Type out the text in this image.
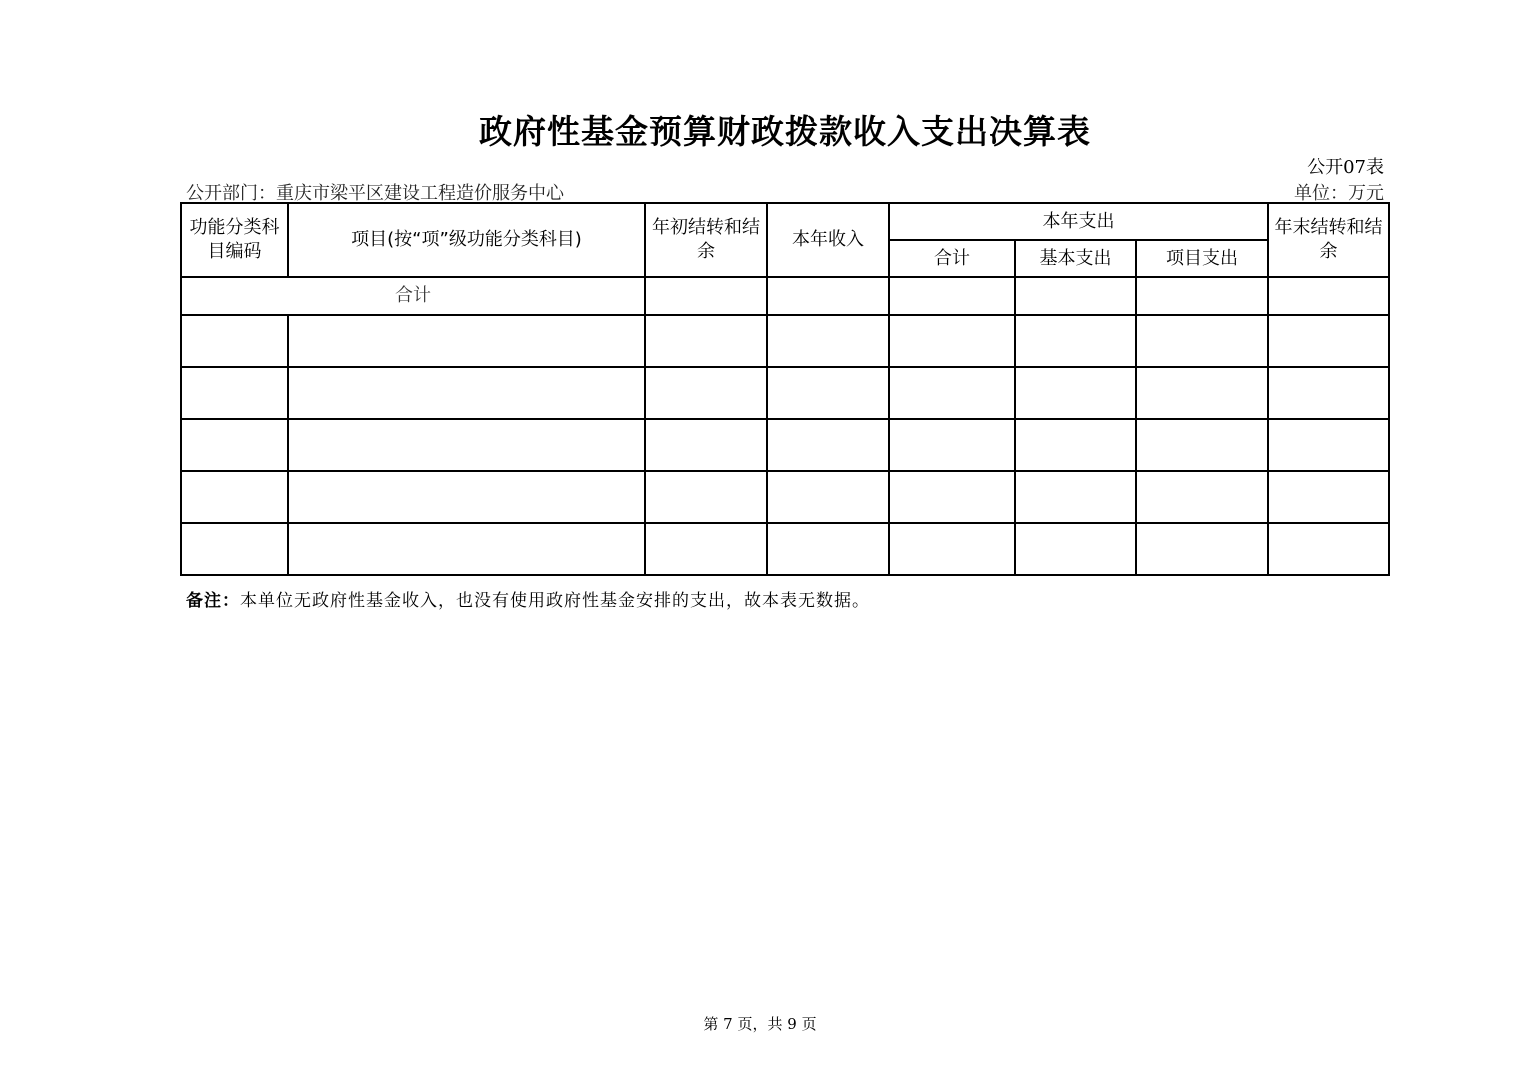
政府性基金预算财政拨款收入支出决算表
公开07表
公开部门：重庆市梁平区建设工程造价服务中心	单位：万元
功能分类科目编码	项目(按“项”级功能分类科目)	年初结转和结余	本年收入	本年支出			年末结转和结余
				合计	基本支出	项目支出	
合计							

备注：本单位无政府性基金收入，也没有使用政府性基金安排的支出，故本表无数据。
第 7 页，共 9 页
